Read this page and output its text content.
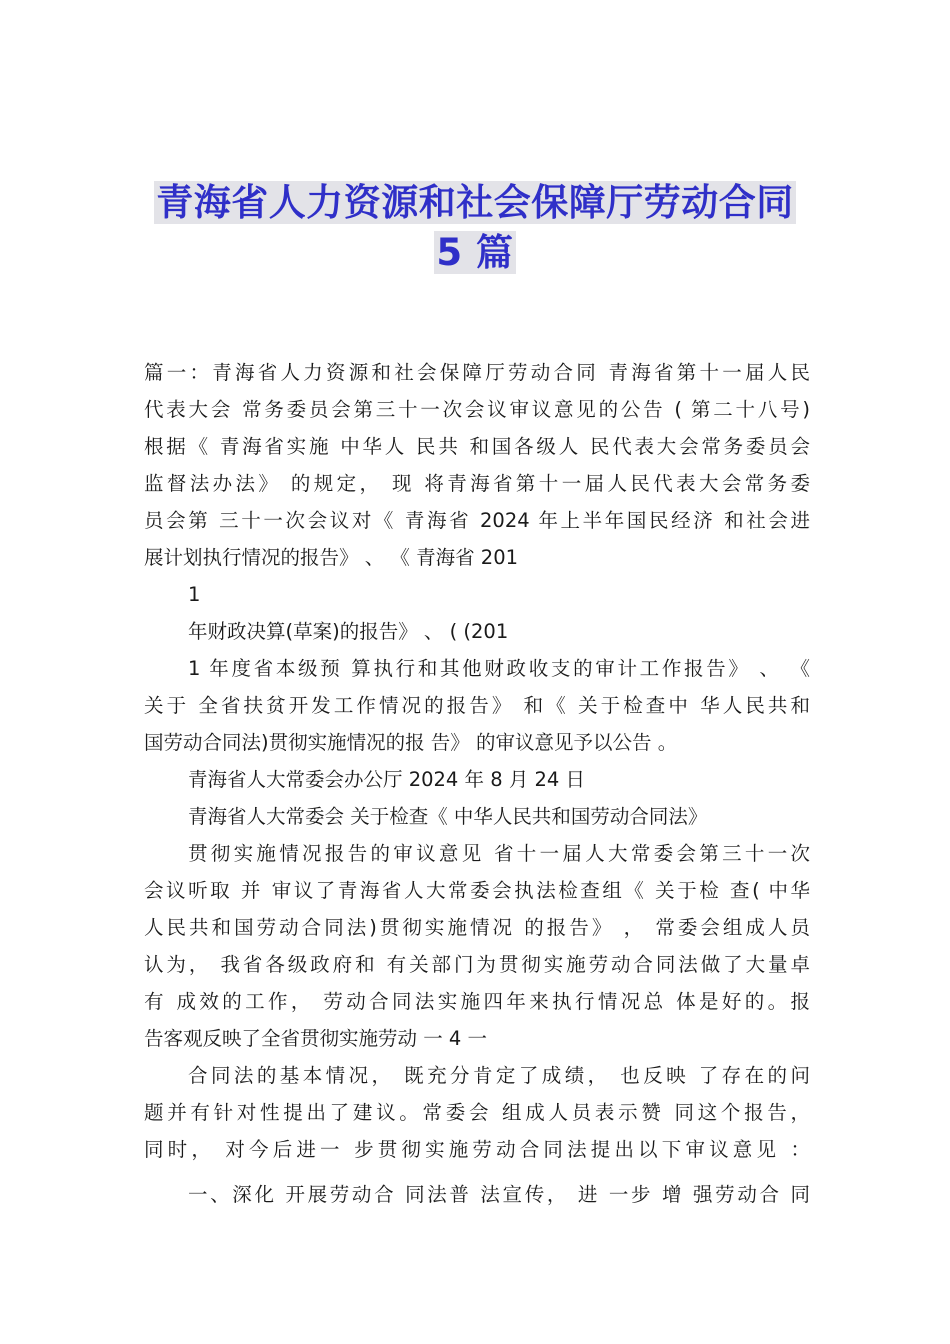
青海省人力资源和社会保障厅劳动合同
5 篇
篇一：青海省人力资源和社会保障厅劳动合同 青海省第十一届人民
代表大会 常务委员会第三十一次会议审议意见的公告 ( 第二十八号)
根据《 青海省实施 中华人 民共 和国各级人 民代表大会常务委员会
监督法办法》 的规定， 现 将青海省第十一届人民代表大会常务委
员会第 三十一次会议对《 青海省 2024 年上半年国民经济 和社会进
展计划执行情况的报告》 、 《 青海省 201
1
年财政决算(草案)的报告》 、 ( (201
1 年度省本级预 算执行和其他财政收支的审计工作报告》 、 《
关于 全省扶贫开发工作情况的报告》 和《 关于检查中 华人民共和
国劳动合同法)贯彻实施情况的报 告》 的审议意见予以公告 。
青海省人大常委会办公厅 2024 年 8 月 24 日
青海省人大常委会 关于检查《 中华人民共和国劳动合同法》
贯彻实施情况报告的审议意见 省十一届人大常委会第三十一次
会议听取 并 审议了青海省人大常委会执法检查组《 关于检 查( 中华
人民共和国劳动合同法)贯彻实施情况 的报告》 ， 常委会组成人员
认为， 我省各级政府和 有关部门为贯彻实施劳动合同法做了大量卓
有 成效的工作， 劳动合同法实施四年来执行情况总 体是好的。报
告客观反映了全省贯彻实施劳动 一 4 一
合同法的基本情况， 既充分肯定了成绩， 也反映 了存在的问
题并有针对性提出了建议。常委会 组成人员表示赞 同这个报告，
同时， 对今后进一 步贯彻实施劳动合同法提出以下审议意见 ：
一、深化 开展劳动合 同法普 法宣传， 进 一步 增 强劳动合 同
